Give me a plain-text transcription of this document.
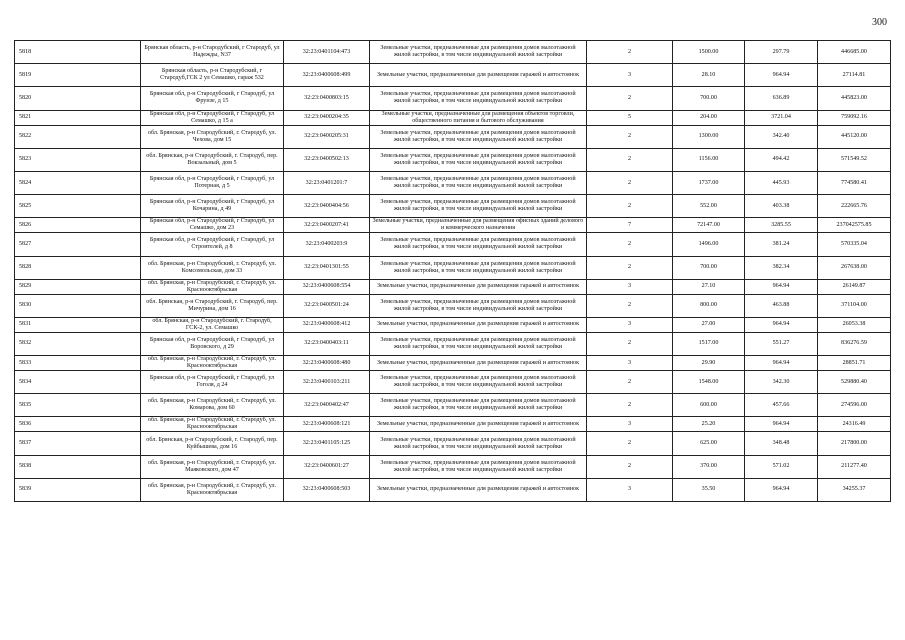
300
5818	Брянская область, р-н Стародубский, г Стародуб, ул Надежды, N37	32:23:0401104:473	Земельные участки, предназначенные для размещения домов малоэтажной жилой застройки, в том числе индивидуальной жилой застройки	2	1500.00	297.79	446685.00
5819	Брянская область, р-н Стародубский, г Стародуб,ГСК 2 ул Семашко, гараж 532	32:23:0400608:499	Земельные участки, предназначенные для размещения гаражей и автостоянок	3	28.10	964.94	27114.81
5820	Брянская обл, р-н Стародубский, г Стародуб, ул Фрунзе, д 15	32:23:0400803:15	Земельные участки, предназначенные для размещения домов малоэтажной жилой застройки, в том числе индивидуальной жилой застройки	2	700.00	636.89	445823.00
5821	Брянская обл, р-н Стародубский, г Стародуб, ул Семашко, д 15 а	32:23:0400204:35	Земельные участки, предназначенные для размещения объектов торговли, общественного питания и бытового обслуживания	5	204.00	3721.04	759092.16
5822	обл. Брянская, р-н Стародубский, г. Стародуб, ул. Чехова, дом 15	32:23:0400205:31	Земельные участки, предназначенные для размещения домов малоэтажной жилой застройки, в том числе индивидуальной жилой застройки	2	1300.00	342.40	445120.00
5823	обл. Брянская, р-н Стародубский, г. Стародуб, пер. Вокзальный, дом 5	32:23:0400502:13	Земельные участки, предназначенные для размещения домов малоэтажной жилой застройки, в том числе индивидуальной жилой застройки	2	1156.00	494.42	571549.52
5824	Брянская обл, р-н Стародубский, г Стародуб, ул Потерная, д 5	32:23:0401201:7	Земельные участки, предназначенные для размещения домов малоэтажной жилой застройки, в том числе индивидуальной жилой застройки	2	1737.00	445.93	774580.41
5825	Брянская обл, р-н Стародубский, г Стародуб, ул Кочарина, д 49	32:23:0400404:56	Земельные участки, предназначенные для размещения домов малоэтажной жилой застройки, в том числе индивидуальной жилой застройки	2	552.00	403.38	222665.76
5826	Брянская обл, р-н Стародубский, г Стародуб, ул Семашко, дом 23	32:23:0400207:41	Земельные участки, предназначенные для размещения офисных зданий делового и коммерческого назначения	7	72147.00	3285.55	237042575.85
5827	Брянская обл, р-н Стародубский, г Стародуб, ул Строителей, д 8	32:23:0400203:9	Земельные участки, предназначенные для размещения домов малоэтажной жилой застройки, в том числе индивидуальной жилой застройки	2	1496.00	381.24	570335.04
5828	обл. Брянская, р-н Стародубский, г. Стародуб, ул. Комсомольская, дом 33	32:23:0401301:55	Земельные участки, предназначенные для размещения домов малоэтажной жилой застройки, в том числе индивидуальной жилой застройки	2	700.00	382.34	267638.00
5829	обл. Брянская, р-н Стародубский, г. Стародуб, ул. Краснооктябрьская	32:23:0400608:554	Земельные участки, предназначенные для размещения гаражей и автостоянок	3	27.10	964.94	26149.87
5830	обл. Брянская, р-н Стародубский, г. Стародуб, пер. Мичурина, дом 16	32:23:0400501:24	Земельные участки, предназначенные для размещения домов малоэтажной жилой застройки, в том числе индивидуальной жилой застройки	2	800.00	463.88	371104.00
5831	обл. Брянская, р-н Стародубский, г. Стародуб, ГСК-2, ул. Семашко	32:23:0400608:412	Земельные участки, предназначенные для размещения гаражей и автостоянок	3	27.00	964.94	26053.38
5832	Брянская обл, р-н Стародубский, г Стародуб, ул Воровского, д 29	32:23:0400403:11	Земельные участки, предназначенные для размещения домов малоэтажной жилой застройки, в том числе индивидуальной жилой застройки	2	1517.00	551.27	836276.59
5833	обл. Брянская, р-н Стародубский, г. Стародуб, ул. Краснооктябрьская	32:23:0400608:480	Земельные участки, предназначенные для размещения гаражей и автостоянок	3	29.90	964.94	28851.71
5834	Брянская обл, р-н Стародубский, г Стародуб, ул Гоголя, д 24	32:23:0400103:211	Земельные участки, предназначенные для размещения домов малоэтажной жилой застройки, в том числе индивидуальной жилой застройки	2	1548.00	342.30	529880.40
5835	обл. Брянская, р-н Стародубский, г. Стародуб, ул. Комарова, дом 60	32:23:0400402:47	Земельные участки, предназначенные для размещения домов малоэтажной жилой застройки, в том числе индивидуальной жилой застройки	2	600.00	457.66	274596.00
5836	обл. Брянская, р-н Стародубский, г. Стародуб, ул. Краснооктябрьская	32:23:0400608:121	Земельные участки, предназначенные для размещения гаражей и автостоянок	3	25.20	964.94	24316.49
5837	обл. Брянская, р-н Стародубский, г. Стародуб, пер. Куйбышева, дом 16	32:23:0401105:125	Земельные участки, предназначенные для размещения домов малоэтажной жилой застройки, в том числе индивидуальной жилой застройки	2	625.00	348.48	217800.00
5838	обл. Брянская, р-н Стародубский, г. Стародуб, ул. Маяковского, дом 47	32:23:0400601:27	Земельные участки, предназначенные для размещения домов малоэтажной жилой застройки, в том числе индивидуальной жилой застройки	2	370.00	571.02	211277.40
5839	обл. Брянская, р-н Стародубский, г. Стародуб, ул. Краснооктябрьская	32:23:0400608:503	Земельные участки, предназначенные для размещения гаражей и автостоянок	3	35.50	964.94	34255.37
